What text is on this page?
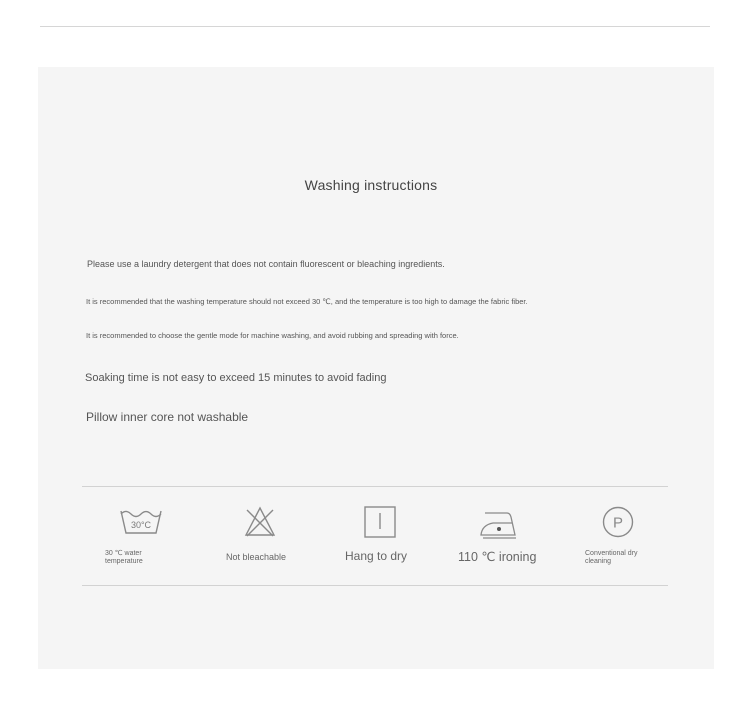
Washing instructions
Please use a laundry detergent that does not contain fluorescent or bleaching ingredients.
It is recommended that the washing temperature should not exceed 30 ℃, and the temperature is too high to damage the fabric fiber.
It is recommended to choose the gentle mode for machine washing, and avoid rubbing and spreading with force.
Soaking time is not easy to exceed 15 minutes to avoid fading
Pillow inner core not washable
30°C	P
30 ℃ water temperature	Not bleachable	Hang to dry	110 ℃ ironing	Conventional dry cleaning
